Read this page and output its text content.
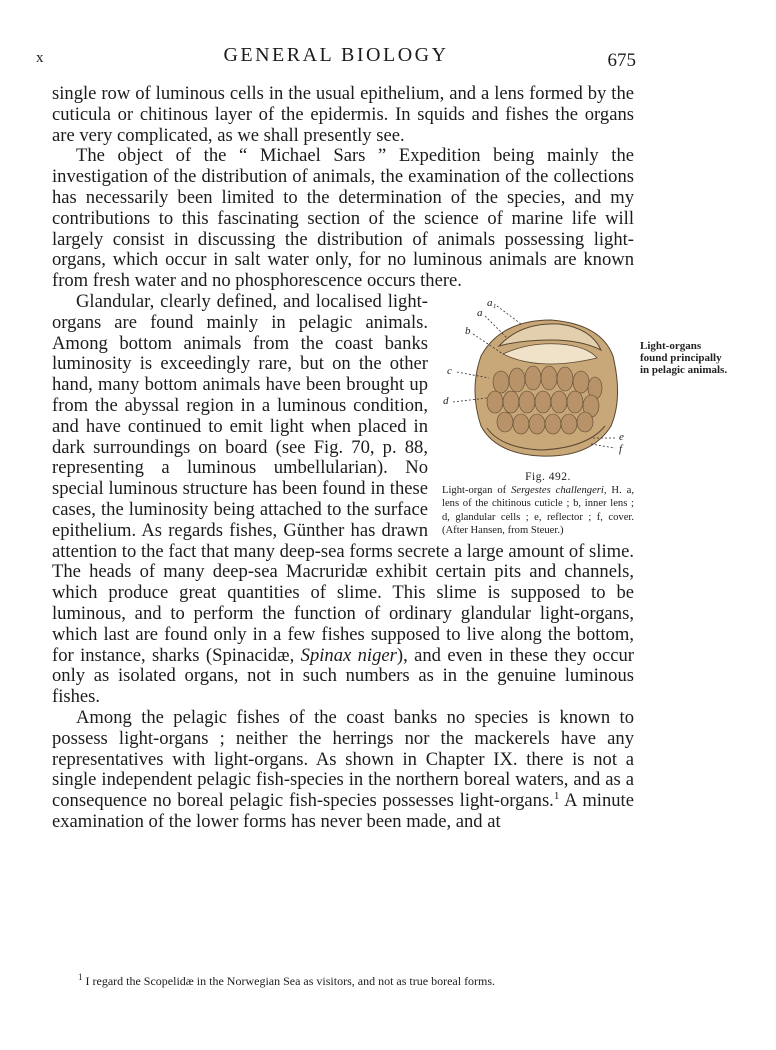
x	GENERAL BIOLOGY	675
Light-organs found principally in pelagic animals.

single row of luminous cells in the usual epithelium, and a lens formed by the cuticula or chitinous layer of the epidermis. In squids and fishes the organs are very complicated, as we shall presently see.

The object of the “ Michael Sars ” Expedition being mainly the investigation of the distribution of animals, the examination of the collections has necessarily been limited to the determination of the species, and my contributions to this fascinating section of the science of marine life will largely consist in discussing the distribution of animals possessing light-organs, which occur in salt water only, for no luminous animals are known from fresh water and no phosphorescence occurs there.

a₁
a
b
c
d
e
f
Fig. 492.
Light-organ of Sergestes challengeri, H. a, lens of the chitinous cuticle ; b, inner lens ; d, glandular cells ; e, reflector ; f, cover. (After Hansen, from Steuer.)
Glandular, clearly defined, and localised light-organs are found mainly in pelagic animals. Among bottom animals from the coast banks luminosity is exceedingly rare, but on the other hand, many bottom animals have been brought up from the abyssal region in a luminous condition, and have continued to emit light when placed in dark surroundings on board (see Fig. 70, p. 88, representing a luminous umbellularian). No special luminous structure has been found in these cases, the luminosity being attached to the surface epithelium. As regards fishes, Günther has drawn attention to the fact that many deep-sea forms secrete a large amount of slime. The heads of many deep-sea Macruridæ exhibit certain pits and channels, which produce great quantities of slime. This slime is supposed to be luminous, and to perform the function of ordinary glandular light-organs, which last are found only in a few fishes supposed to live along the bottom, for instance, sharks (Spinacidæ, Spinax niger), and even in these they occur only as isolated organs, not in such numbers as in the genuine luminous fishes.

Among the pelagic fishes of the coast banks no species is known to possess light-organs ; neither the herrings nor the mackerels have any representatives with light-organs. As shown in Chapter IX. there is not a single independent pelagic fish-species in the northern boreal waters, and as a consequence no boreal pelagic fish-species possesses light-organs.$^1$ A minute examination of the lower forms has never been made, and at

$^1$ I regard the Scopelidæ in the Norwegian Sea as visitors, and not as true boreal forms.
